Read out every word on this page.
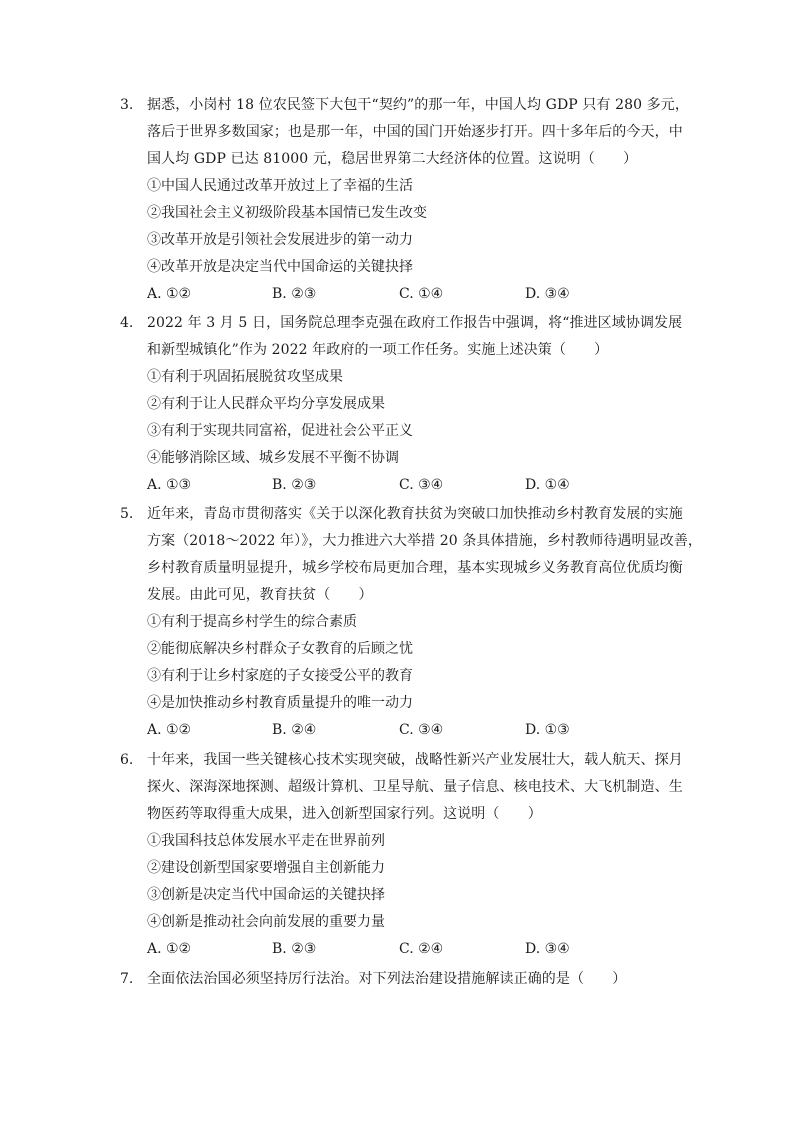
3. 据悉，小岗村 18 位农民签下大包干“契约”的那一年，中国人均 GDP 只有 280 多元，
落后于世界多数国家；也是那一年，中国的国门开始逐步打开。四十多年后的今天，中
国人均 GDP 已达 81000 元，稳居世界第二大经济体的位置。这说明（　　）
①中国人民通过改革开放过上了幸福的生活
②我国社会主义初级阶段基本国情已发生改变
③改革开放是引领社会发展进步的第一动力
④改革开放是决定当代中国命运的关键抉择
A. ①②	B. ②③	C. ①④	D. ③④
4. 2022 年 3 月 5 日，国务院总理李克强在政府工作报告中强调，将“推进区域协调发展
和新型城镇化”作为 2022 年政府的一项工作任务。实施上述决策（　　）
①有利于巩固拓展脱贫攻坚成果
②有利于让人民群众平均分享发展成果
③有利于实现共同富裕，促进社会公平正义
④能够消除区域、城乡发展不平衡不协调
A. ①③	B. ②③	C. ③④	D. ①④
5. 近年来，青岛市贯彻落实《关于以深化教育扶贫为突破口加快推动乡村教育发展的实施
方案（2018～2022 年）》，大力推进六大举措 20 条具体措施，乡村教师待遇明显改善，
乡村教育质量明显提升，城乡学校布局更加合理，基本实现城乡义务教育高位优质均衡
发展。由此可见，教育扶贫（　　）
①有利于提高乡村学生的综合素质
②能彻底解决乡村群众子女教育的后顾之忧
③有利于让乡村家庭的子女接受公平的教育
④是加快推动乡村教育质量提升的唯一动力
A. ①②	B. ②④	C. ③④	D. ①③
6. 十年来，我国一些关键核心技术实现突破，战略性新兴产业发展壮大，载人航天、探月
探火、深海深地探测、超级计算机、卫星导航、量子信息、核电技术、大飞机制造、生
物医药等取得重大成果，进入创新型国家行列。这说明（　　）
①我国科技总体发展水平走在世界前列
②建设创新型国家要增强自主创新能力
③创新是决定当代中国命运的关键抉择
④创新是推动社会向前发展的重要力量
A. ①②	B. ②③	C. ②④	D. ③④
7. 全面依法治国必须坚持厉行法治。对下列法治建设措施解读正确的是（　　）
